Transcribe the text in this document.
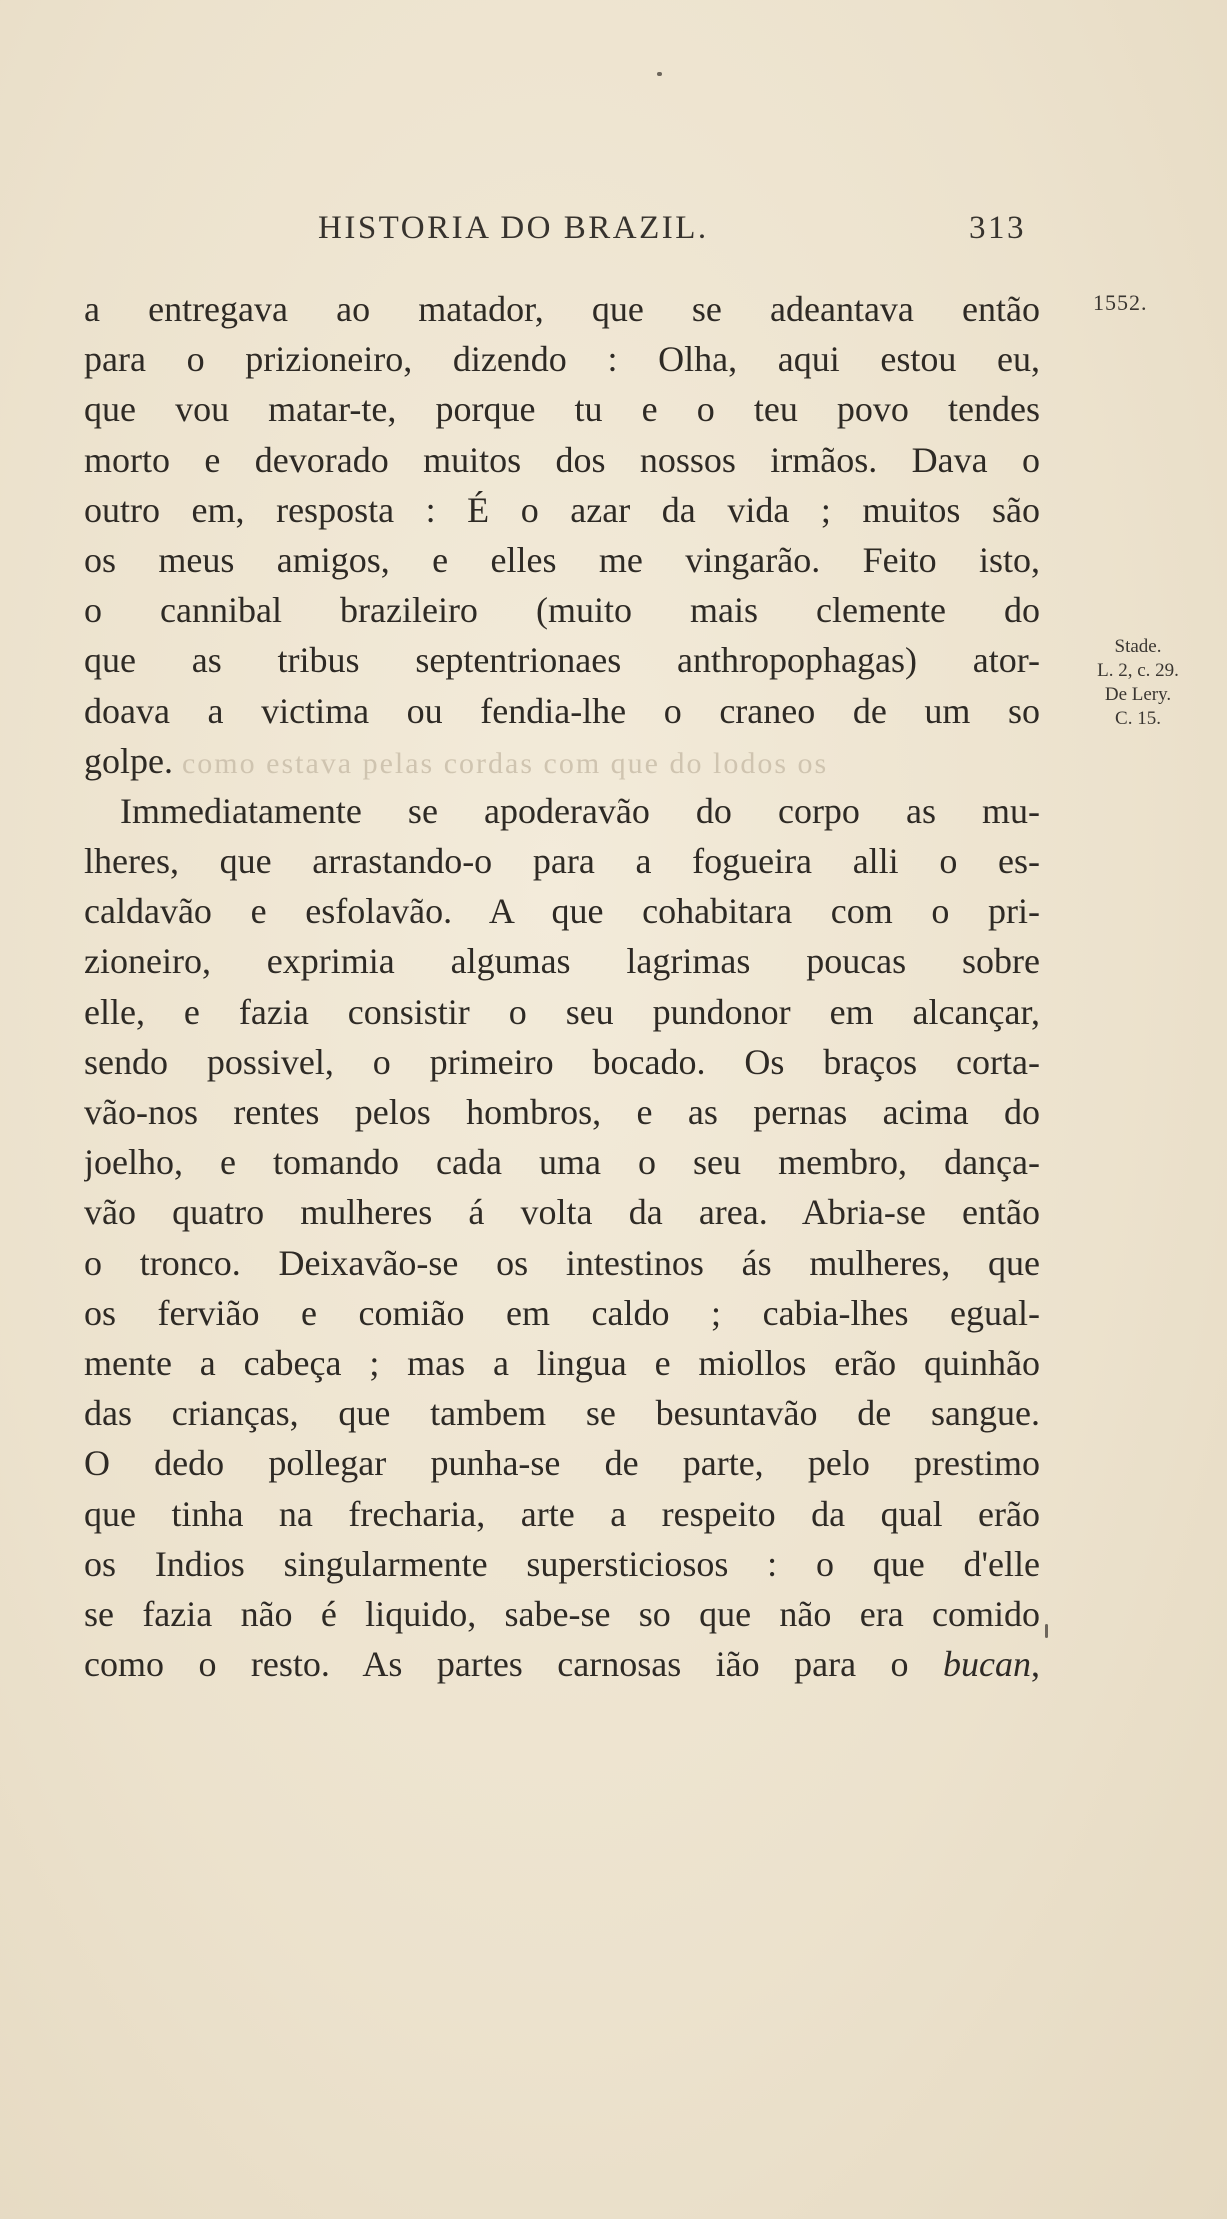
HISTORIA DO BRAZIL.	313
1552.
Stade.
L. 2, c. 29.
De Lery.
C. 15.
a entregava ao matador, que se adeantava então
para o prizioneiro, dizendo : Olha, aqui estou eu,
que vou matar-te, porque tu e o teu povo tendes
morto e devorado muitos dos nossos irmãos. Dava o
outro em, resposta : É o azar da vida ; muitos são
os meus amigos, e elles me vingarão. Feito isto,
o cannibal brazileiro (muito mais clemente do
que as tribus septentrionaes anthropophagas) ator-
doava a victima ou fendia-lhe o craneo de um so
golpe. como estava pelas cordas com que do lodos os
Immediatamente se apoderavão do corpo as mu-
lheres, que arrastando-o para a fogueira alli o es-
caldavão e esfolavão. A que cohabitara com o pri-
zioneiro, exprimia algumas lagrimas poucas sobre
elle, e fazia consistir o seu pundonor em alcançar,
sendo possivel, o primeiro bocado. Os braços corta-
vão-nos rentes pelos hombros, e as pernas acima do
joelho, e tomando cada uma o seu membro, dança-
vão quatro mulheres á volta da area. Abria-se então
o tronco. Deixavão-se os intestinos ás mulheres, que
os fervião e comião em caldo ; cabia-lhes egual-
mente a cabeça ; mas a lingua e miollos erão quinhão
das crianças, que tambem se besuntavão de sangue.
O dedo pollegar punha-se de parte, pelo prestimo
que tinha na frecharia, arte a respeito da qual erão
os Indios singularmente supersticiosos : o que d'elle
se fazia não é liquido, sabe-se so que não era comido
como o resto. As partes carnosas ião para o bucan,
